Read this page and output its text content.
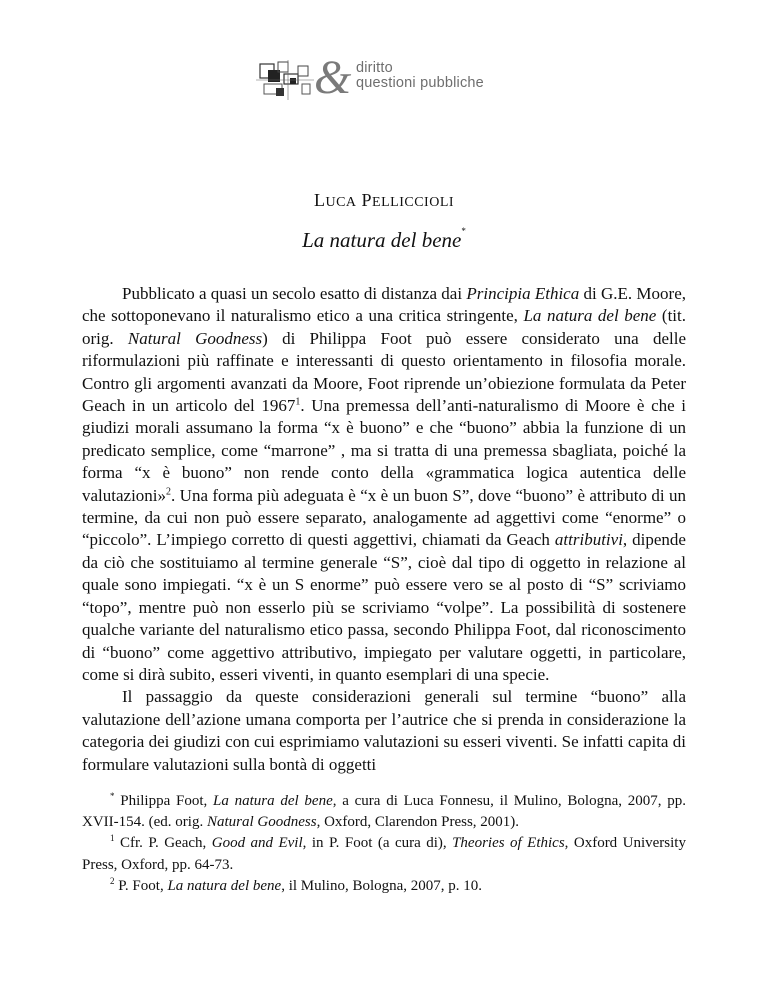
& diritto
questioni pubbliche
LUCA PELLICCIOLI
La natura del bene*

Pubblicato a quasi un secolo esatto di distanza dai Principia Ethica di G.E. Moore, che sottoponevano il naturalismo etico a una critica stringente, La natura del bene (tit. orig. Natural Goodness) di Philippa Foot può essere considerato una delle riformulazioni più raffinate e interessanti di questo orientamento in filosofia morale. Contro gli argomenti avanzati da Moore, Foot riprende un’obiezione formulata da Peter Geach in un articolo del 1967$^1$. Una premessa dell’anti-naturalismo di Moore è che i giudizi morali assumano la forma “x è buono” e che “buono” abbia la funzione di un predicato semplice, come “marrone” , ma si tratta di una premessa sbagliata, poiché la forma “x è buono” non rende conto della «grammatica logica autentica delle valutazioni»$^2$. Una forma più adeguata è “x è un buon S”, dove “buono” è attributo di un termine, da cui non può essere separato, analogamente ad aggettivi come “enorme” o “piccolo”. L’impiego corretto di questi aggettivi, chiamati da Geach attributivi, dipende da ciò che sostituiamo al termine generale “S”, cioè dal tipo di oggetto in relazione al quale sono impiegati. “x è un S enorme” può essere vero se al posto di “S” scriviamo “topo”, mentre può non esserlo più se scriviamo “volpe”. La possibilità di sostenere qualche variante del naturalismo etico passa, secondo Philippa Foot, dal riconoscimento di “buono” come aggettivo attributivo, impiegato per valutare oggetti, in particolare, come si dirà subito, esseri viventi, in quanto esemplari di una specie.

Il passaggio da queste considerazioni generali sul termine “buono” alla valutazione dell’azione umana comporta per l’autrice che si prenda in considerazione la categoria dei giudizi con cui esprimiamo valutazioni su esseri viventi. Se infatti capita di formulare valutazioni sulla bontà di oggetti

* Philippa Foot, La natura del bene, a cura di Luca Fonnesu, il Mulino, Bologna, 2007, pp. XVII-154. (ed. orig. Natural Goodness, Oxford, Clarendon Press, 2001).

$^1$ Cfr. P. Geach, Good and Evil, in P. Foot (a cura di), Theories of Ethics, Oxford University Press, Oxford, pp. 64-73.

$^2$ P. Foot, La natura del bene, il Mulino, Bologna, 2007, p. 10.
